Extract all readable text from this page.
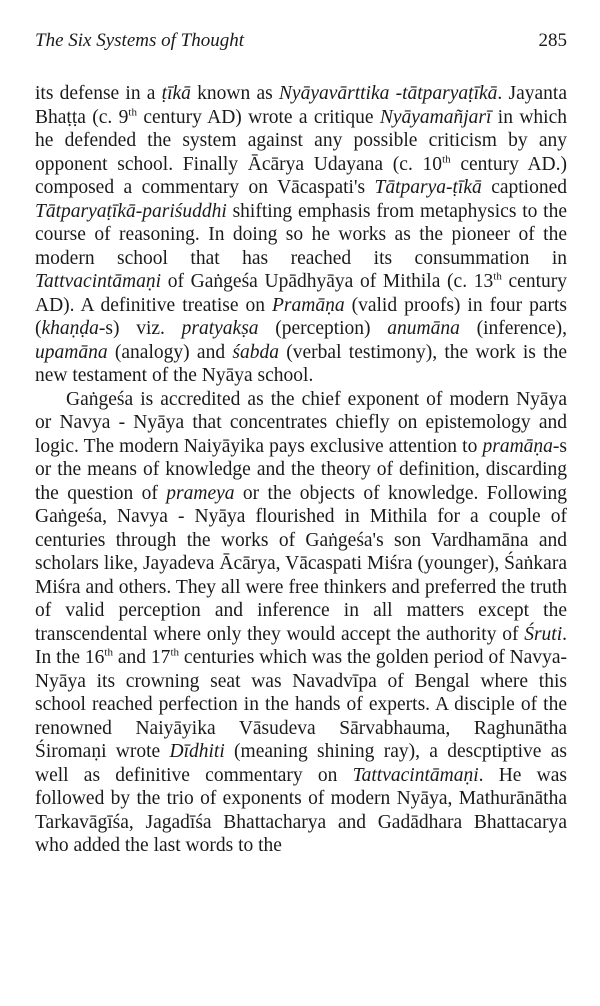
The Six Systems of Thought	285

its defense in a ṭīkā known as Nyāyavārttika -tātparyaṭīkā. Jayanta Bhaṭṭa (c. 9th century AD) wrote a critique Nyāyamañjarī in which he defended the system against any possible criticism by any opponent school. Finally Ācārya Udayana (c. 10th century AD.) composed a commentary on Vācaspati's Tātparya-ṭīkā captioned Tātparyaṭīkā-pariśuddhi shifting emphasis from metaphysics to the course of reasoning. In doing so he works as the pioneer of the modern school that has reached its consummation in Tattvacintāmaṇi of Gaṅgeśa Upādhyāya of Mithila (c. 13th century AD). A definitive treatise on Pramāṇa (valid proofs) in four parts (khaṇḍa-s) viz. pratyakṣa (perception) anumāna (inference), upamāna (analogy) and śabda (verbal testimony), the work is the new testament of the Nyāya school.

Gaṅgeśa is accredited as the chief exponent of modern Nyāya or Navya - Nyāya that concentrates chiefly on epistemology and logic. The modern Naiyāyika pays exclusive attention to pramāṇa-s or the means of knowledge and the theory of definition, discarding the question of prameya or the objects of knowledge. Following Gaṅgeśa, Navya - Nyāya flourished in Mithila for a couple of centuries through the works of Gaṅgeśa's son Vardhamāna and scholars like, Jayadeva Ācārya, Vācaspati Miśra (younger), Śaṅkara Miśra and others. They all were free thinkers and preferred the truth of valid perception and inference in all matters except the transcendental where only they would accept the authority of Śruti. In the 16th and 17th centuries which was the golden period of Navya-Nyāya its crowning seat was Navadvīpa of Bengal where this school reached perfection in the hands of experts. A disciple of the renowned Naiyāyika Vāsudeva Sārvabhauma, Raghunātha Śiromaṇi wrote Dīdhiti (meaning shining ray), a descptiptive as well as definitive commentary on Tattvacintāmaṇi. He was followed by the trio of exponents of modern Nyāya, Mathurānātha Tarkavāgīśa, Jagadīśa Bhattacharya and Gadādhara Bhattacarya who added the last words to the
